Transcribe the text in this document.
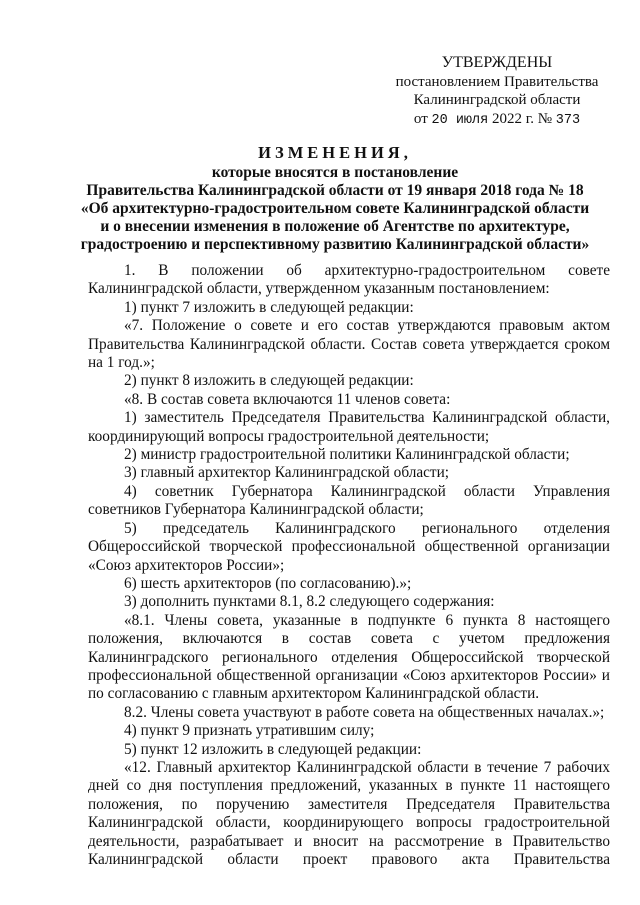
УТВЕРЖДЕНЫ
постановлением Правительства
Калининградской области
от 20 июля 2022 г. № 373
ИЗМЕНЕНИЯ,
которые вносятся в постановление
Правительства Калининградской области от 19 января 2018 года № 18
«Об архитектурно-градостроительном совете Калининградской области
и о внесении изменения в положение об Агентстве по архитектуре,
градостроению и перспективному развитию Калининградской области»

1. В положении об архитектурно-градостроительном совете Калининградской области, утвержденном указанным постановлением:

1) пункт 7 изложить в следующей редакции:

«7. Положение о совете и его состав утверждаются правовым актом Правительства Калининградской области. Состав совета утверждается сроком на 1 год.»;

2) пункт 8 изложить в следующей редакции:

«8. В состав совета включаются 11 членов совета:

1) заместитель Председателя Правительства Калининградской области, координирующий вопросы градостроительной деятельности;

2) министр градостроительной политики Калининградской области;

3) главный архитектор Калининградской области;

4) советник Губернатора Калининградской области Управления советников Губернатора Калининградской области;

5) председатель Калининградского регионального отделения Общероссийской творческой профессиональной общественной организации «Союз архитекторов России»;

6) шесть архитекторов (по согласованию).»;

3) дополнить пунктами 8.1, 8.2 следующего содержания:

«8.1. Члены совета, указанные в подпункте 6 пункта 8 настоящего положения, включаются в состав совета с учетом предложения Калининградского регионального отделения Общероссийской творческой профессиональной общественной организации «Союз архитекторов России» и по согласованию с главным архитектором Калининградской области.

8.2. Члены совета участвуют в работе совета на общественных началах.»;

4) пункт 9 признать утратившим силу;

5) пункт 12 изложить в следующей редакции:

«12. Главный архитектор Калининградской области в течение 7 рабочих дней со дня поступления предложений, указанных в пункте 11 настоящего положения, по поручению заместителя Председателя Правительства Калининградской области, координирующего вопросы градостроительной деятельности, разрабатывает и вносит на рассмотрение в Правительство Калининградской области проект правового акта Правительства
